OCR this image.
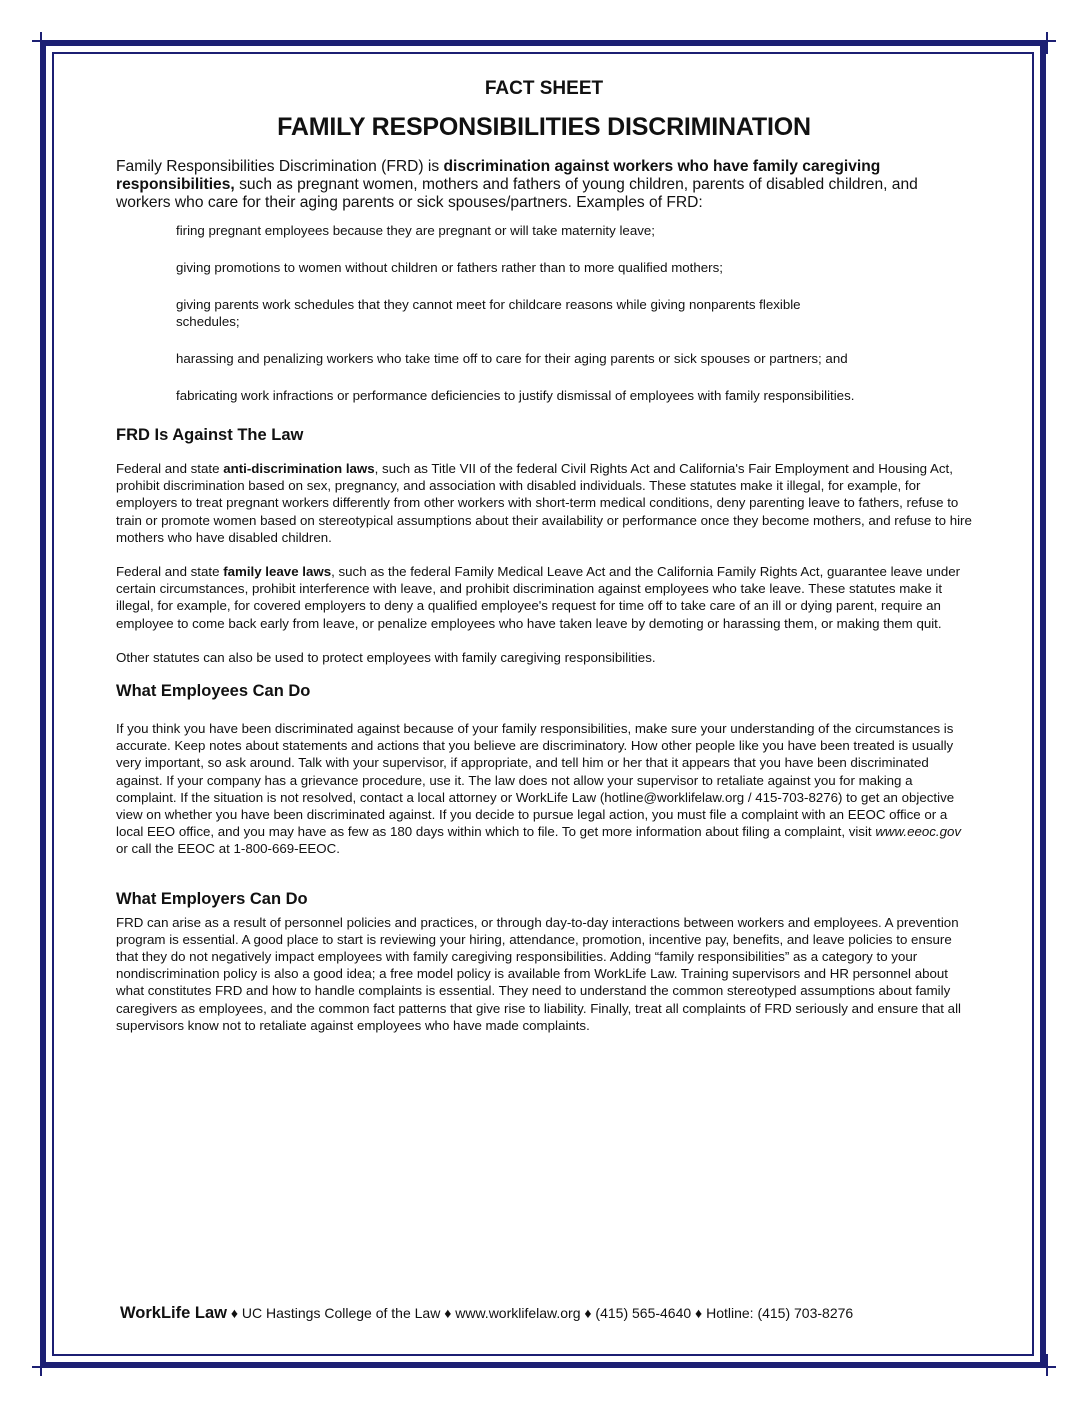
FACT SHEET
FAMILY RESPONSIBILITIES DISCRIMINATION

Family Responsibilities Discrimination (FRD) is discrimination against workers who have family caregiving responsibilities, such as pregnant women, mothers and fathers of young children, parents of disabled children, and workers who care for their aging parents or sick spouses/partners. Examples of FRD:

firing pregnant employees because they are pregnant or will take maternity leave;
giving promotions to women without children or fathers rather than to more qualified mothers;
giving parents work schedules that they cannot meet for childcare reasons while giving nonparents flexible schedules;
harassing and penalizing workers who take time off to care for their aging parents or sick spouses or partners; and
fabricating work infractions or performance deficiencies to justify dismissal of employees with family responsibilities.
FRD Is Against The Law

Federal and state anti-discrimination laws, such as Title VII of the federal Civil Rights Act and California's Fair Employment and Housing Act, prohibit discrimination based on sex, pregnancy, and association with disabled individuals. These statutes make it illegal, for example, for employers to treat pregnant workers differently from other workers with short-term medical conditions, deny parenting leave to fathers, refuse to train or promote women based on stereotypical assumptions about their availability or performance once they become mothers, and refuse to hire mothers who have disabled children.

Federal and state family leave laws, such as the federal Family Medical Leave Act and the California Family Rights Act, guarantee leave under certain circumstances, prohibit interference with leave, and prohibit discrimination against employees who take leave. These statutes make it illegal, for example, for covered employers to deny a qualified employee's request for time off to take care of an ill or dying parent, require an employee to come back early from leave, or penalize employees who have taken leave by demoting or harassing them, or making them quit.

Other statutes can also be used to protect employees with family caregiving responsibilities.

What Employees Can Do

If you think you have been discriminated against because of your family responsibilities, make sure your understanding of the circumstances is accurate. Keep notes about statements and actions that you believe are discriminatory. How other people like you have been treated is usually very important, so ask around. Talk with your supervisor, if appropriate, and tell him or her that it appears that you have been discriminated against. If your company has a grievance procedure, use it. The law does not allow your supervisor to retaliate against you for making a complaint. If the situation is not resolved, contact a local attorney or WorkLife Law (hotline@worklifelaw.org / 415-703-8276) to get an objective view on whether you have been discriminated against. If you decide to pursue legal action, you must file a complaint with an EEOC office or a local EEO office, and you may have as few as 180 days within which to file. To get more information about filing a complaint, visit www.eeoc.gov or call the EEOC at 1-800-669-EEOC.

What Employers Can Do

FRD can arise as a result of personnel policies and practices, or through day-to-day interactions between workers and employees. A prevention program is essential. A good place to start is reviewing your hiring, attendance, promotion, incentive pay, benefits, and leave policies to ensure that they do not negatively impact employees with family caregiving responsibilities. Adding “family responsibilities” as a category to your nondiscrimination policy is also a good idea; a free model policy is available from WorkLife Law. Training supervisors and HR personnel about what constitutes FRD and how to handle complaints is essential. They need to understand the common stereotyped assumptions about family caregivers as employees, and the common fact patterns that give rise to liability. Finally, treat all complaints of FRD seriously and ensure that all supervisors know not to retaliate against employees who have made complaints.

WorkLife Law ♦ UC Hastings College of the Law ♦ www.worklifelaw.org ♦ (415) 565-4640 ♦ Hotline: (415) 703-8276
